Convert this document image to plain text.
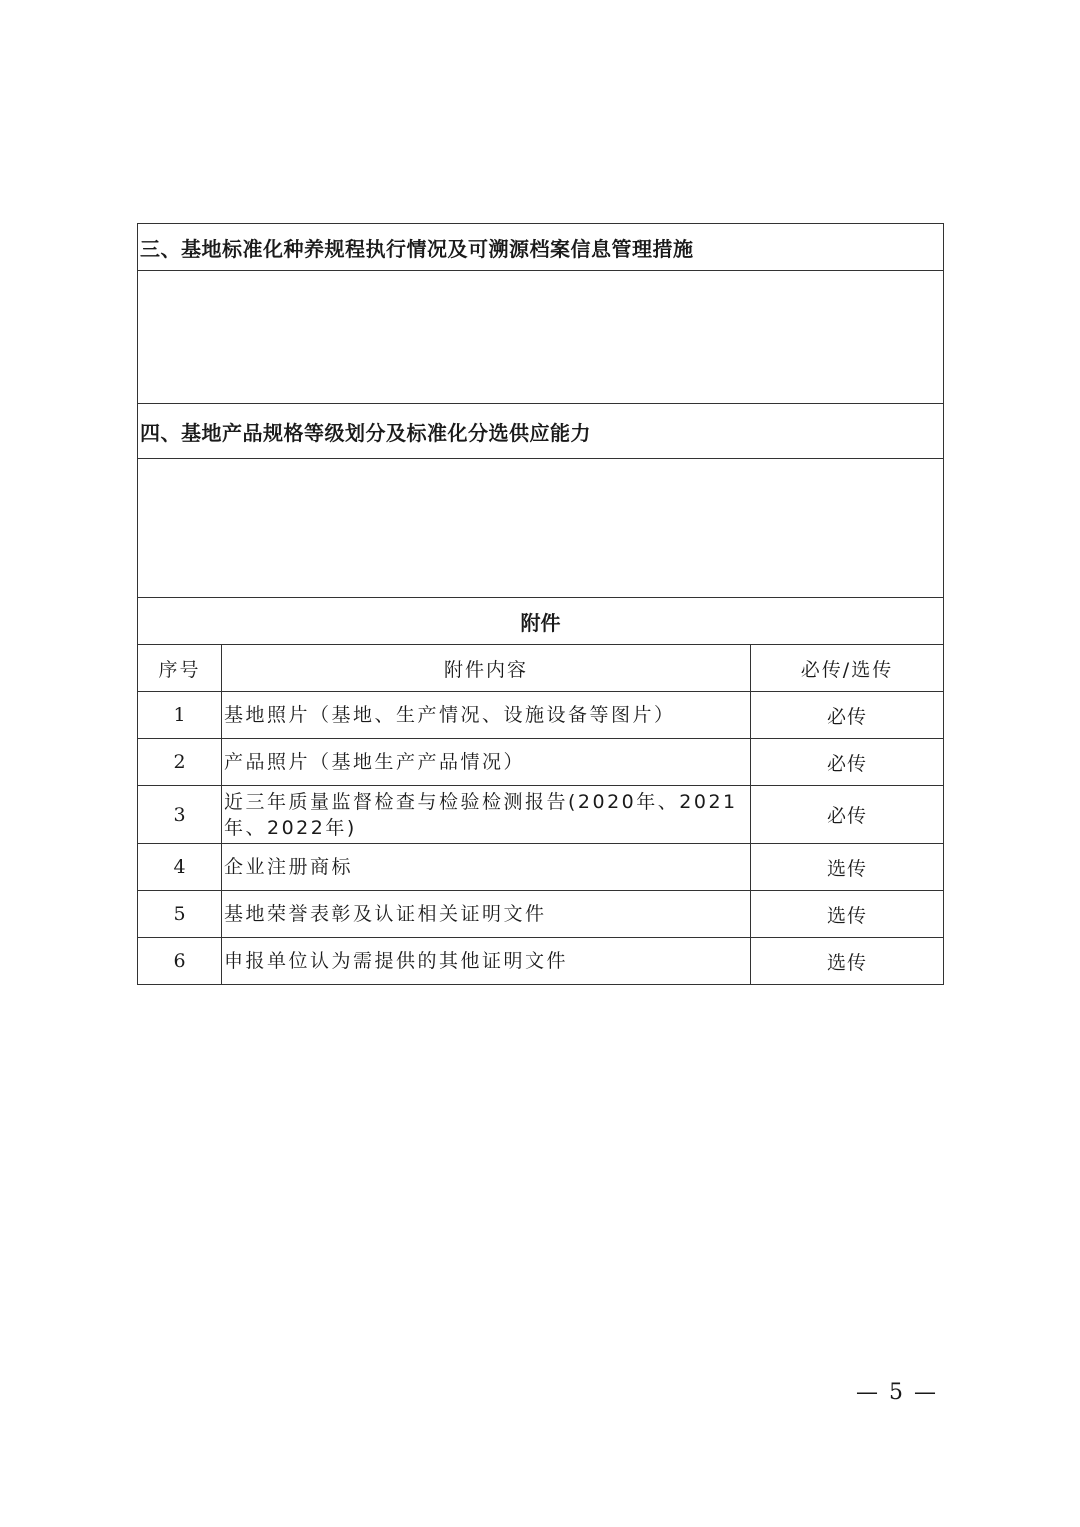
三、基地标准化种养规程执行情况及可溯源档案信息管理措施		

四、基地产品规格等级划分及标准化分选供应能力		

附件		
序号	附件内容	必传/选传
1	基地照片（基地、生产情况、设施设备等图片）	必传
2	产品照片（基地生产产品情况）	必传
3	近三年质量监督检查与检验检测报告(2020年、2021年、2022年)	必传
4	企业注册商标	选传
5	基地荣誉表彰及认证相关证明文件	选传
6	申报单位认为需提供的其他证明文件	选传
— 5 —
